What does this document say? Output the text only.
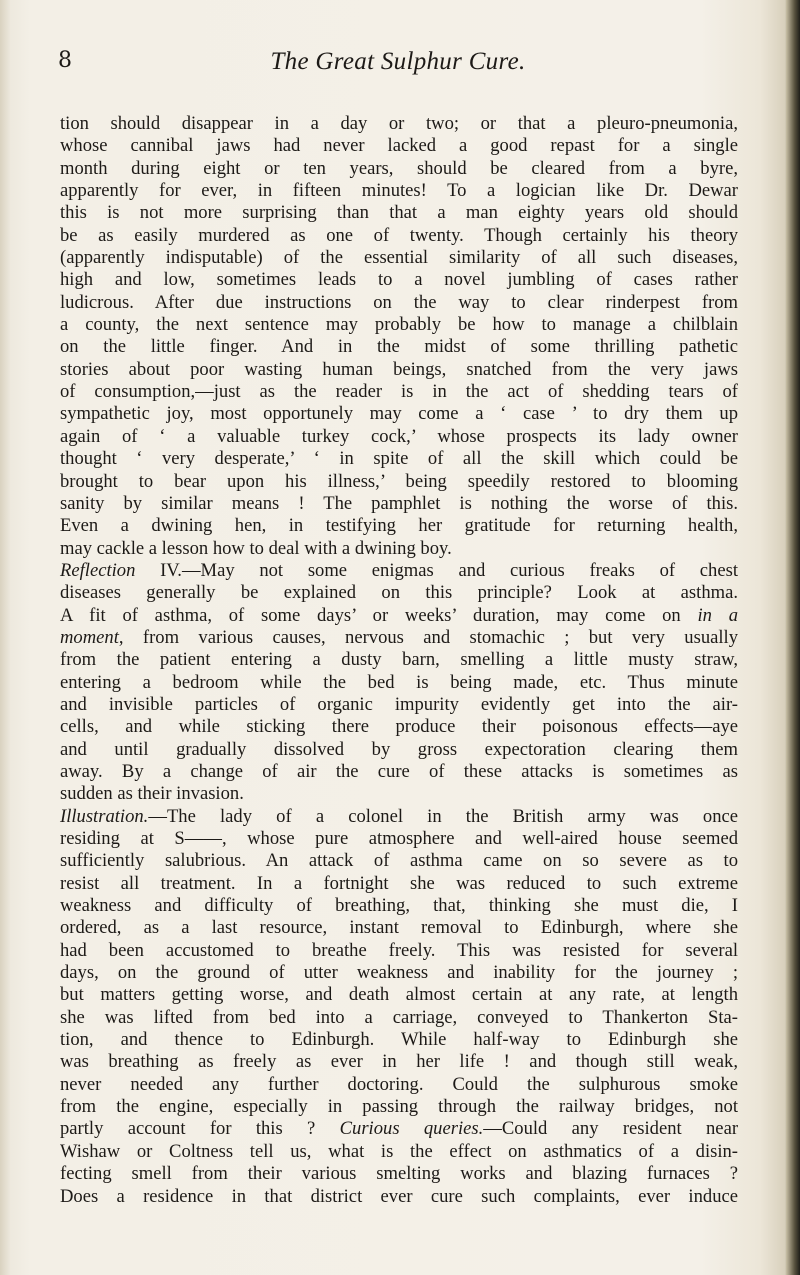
8	The Great Sulphur Cure.

tion should disappear in a day or two; or that a pleuro-pneumonia,
whose cannibal jaws had never lacked a good repast for a single
month during eight or ten years, should be cleared from a byre,
apparently for ever, in fifteen minutes! To a logician like Dr. Dewar
this is not more surprising than that a man eighty years old should
be as easily murdered as one of twenty. Though certainly his theory
(apparently indisputable) of the essential similarity of all such diseases,
high and low, sometimes leads to a novel jumbling of cases rather
ludicrous. After due instructions on the way to clear rinderpest from
a county, the next sentence may probably be how to manage a chilblain
on the little finger. And in the midst of some thrilling pathetic
stories about poor wasting human beings, snatched from the very jaws
of consumption,—just as the reader is in the act of shedding tears of
sympathetic joy, most opportunely may come a ‘ case ’ to dry them up
again of ‘ a valuable turkey cock,’ whose prospects its lady owner
thought ‘ very desperate,’ ‘ in spite of all the skill which could be
brought to bear upon his illness,’ being speedily restored to blooming
sanity by similar means ! The pamphlet is nothing the worse of this.
Even a dwining hen, in testifying her gratitude for returning health,
may cackle a lesson how to deal with a dwining boy.

Reflection IV.—May not some enigmas and curious freaks of chest
diseases generally be explained on this principle? Look at asthma.
A fit of asthma, of some days’ or weeks’ duration, may come on in a
moment, from various causes, nervous and stomachic ; but very usually
from the patient entering a dusty barn, smelling a little musty straw,
entering a bedroom while the bed is being made, etc. Thus minute
and invisible particles of organic impurity evidently get into the air-
cells, and while sticking there produce their poisonous effects—aye
and until gradually dissolved by gross expectoration clearing them
away. By a change of air the cure of these attacks is sometimes as
sudden as their invasion.

Illustration.—The lady of a colonel in the British army was once
residing at S——, whose pure atmosphere and well-aired house seemed
sufficiently salubrious. An attack of asthma came on so severe as to
resist all treatment. In a fortnight she was reduced to such extreme
weakness and difficulty of breathing, that, thinking she must die, I
ordered, as a last resource, instant removal to Edinburgh, where she
had been accustomed to breathe freely. This was resisted for several
days, on the ground of utter weakness and inability for the journey ;
but matters getting worse, and death almost certain at any rate, at length
she was lifted from bed into a carriage, conveyed to Thankerton Sta-
tion, and thence to Edinburgh. While half-way to Edinburgh she
was breathing as freely as ever in her life ! and though still weak,
never needed any further doctoring. Could the sulphurous smoke
from the engine, especially in passing through the railway bridges, not
partly account for this ? Curious queries.—Could any resident near
Wishaw or Coltness tell us, what is the effect on asthmatics of a disin-
fecting smell from their various smelting works and blazing furnaces ?
Does a residence in that district ever cure such complaints, ever induce
